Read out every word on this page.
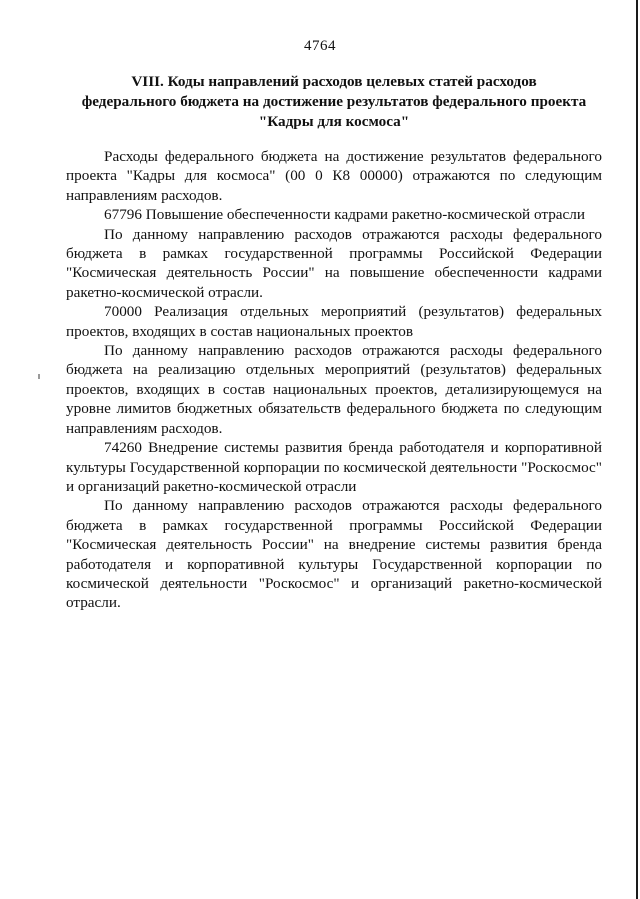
4764
VIII. Коды направлений расходов целевых статей расходов
федерального бюджета на достижение результатов федерального проекта
"Кадры для космоса"

Расходы федерального бюджета на достижение результатов федерального проекта "Кадры для космоса" (00 0 К8 00000) отражаются по следующим направлениям расходов.

67796 Повышение обеспеченности кадрами ракетно-космической отрасли

По данному направлению расходов отражаются расходы федерального бюджета в рамках государственной программы Российской Федерации "Космическая деятельность России" на повышение обеспеченности кадрами ракетно-космической отрасли.

70000 Реализация отдельных мероприятий (результатов) федеральных проектов, входящих в состав национальных проектов

По данному направлению расходов отражаются расходы федерального бюджета на реализацию отдельных мероприятий (результатов) федеральных проектов, входящих в состав национальных проектов, детализирующемуся на уровне лимитов бюджетных обязательств федерального бюджета по следующим направлениям расходов.

74260 Внедрение системы развития бренда работодателя и корпоративной культуры Государственной корпорации по космической деятельности "Роскосмос" и организаций ракетно-космической отрасли

По данному направлению расходов отражаются расходы федерального бюджета в рамках государственной программы Российской Федерации "Космическая деятельность России" на внедрение системы развития бренда работодателя и корпоративной культуры Государственной корпорации по космической деятельности "Роскосмос" и организаций ракетно-космической отрасли.
